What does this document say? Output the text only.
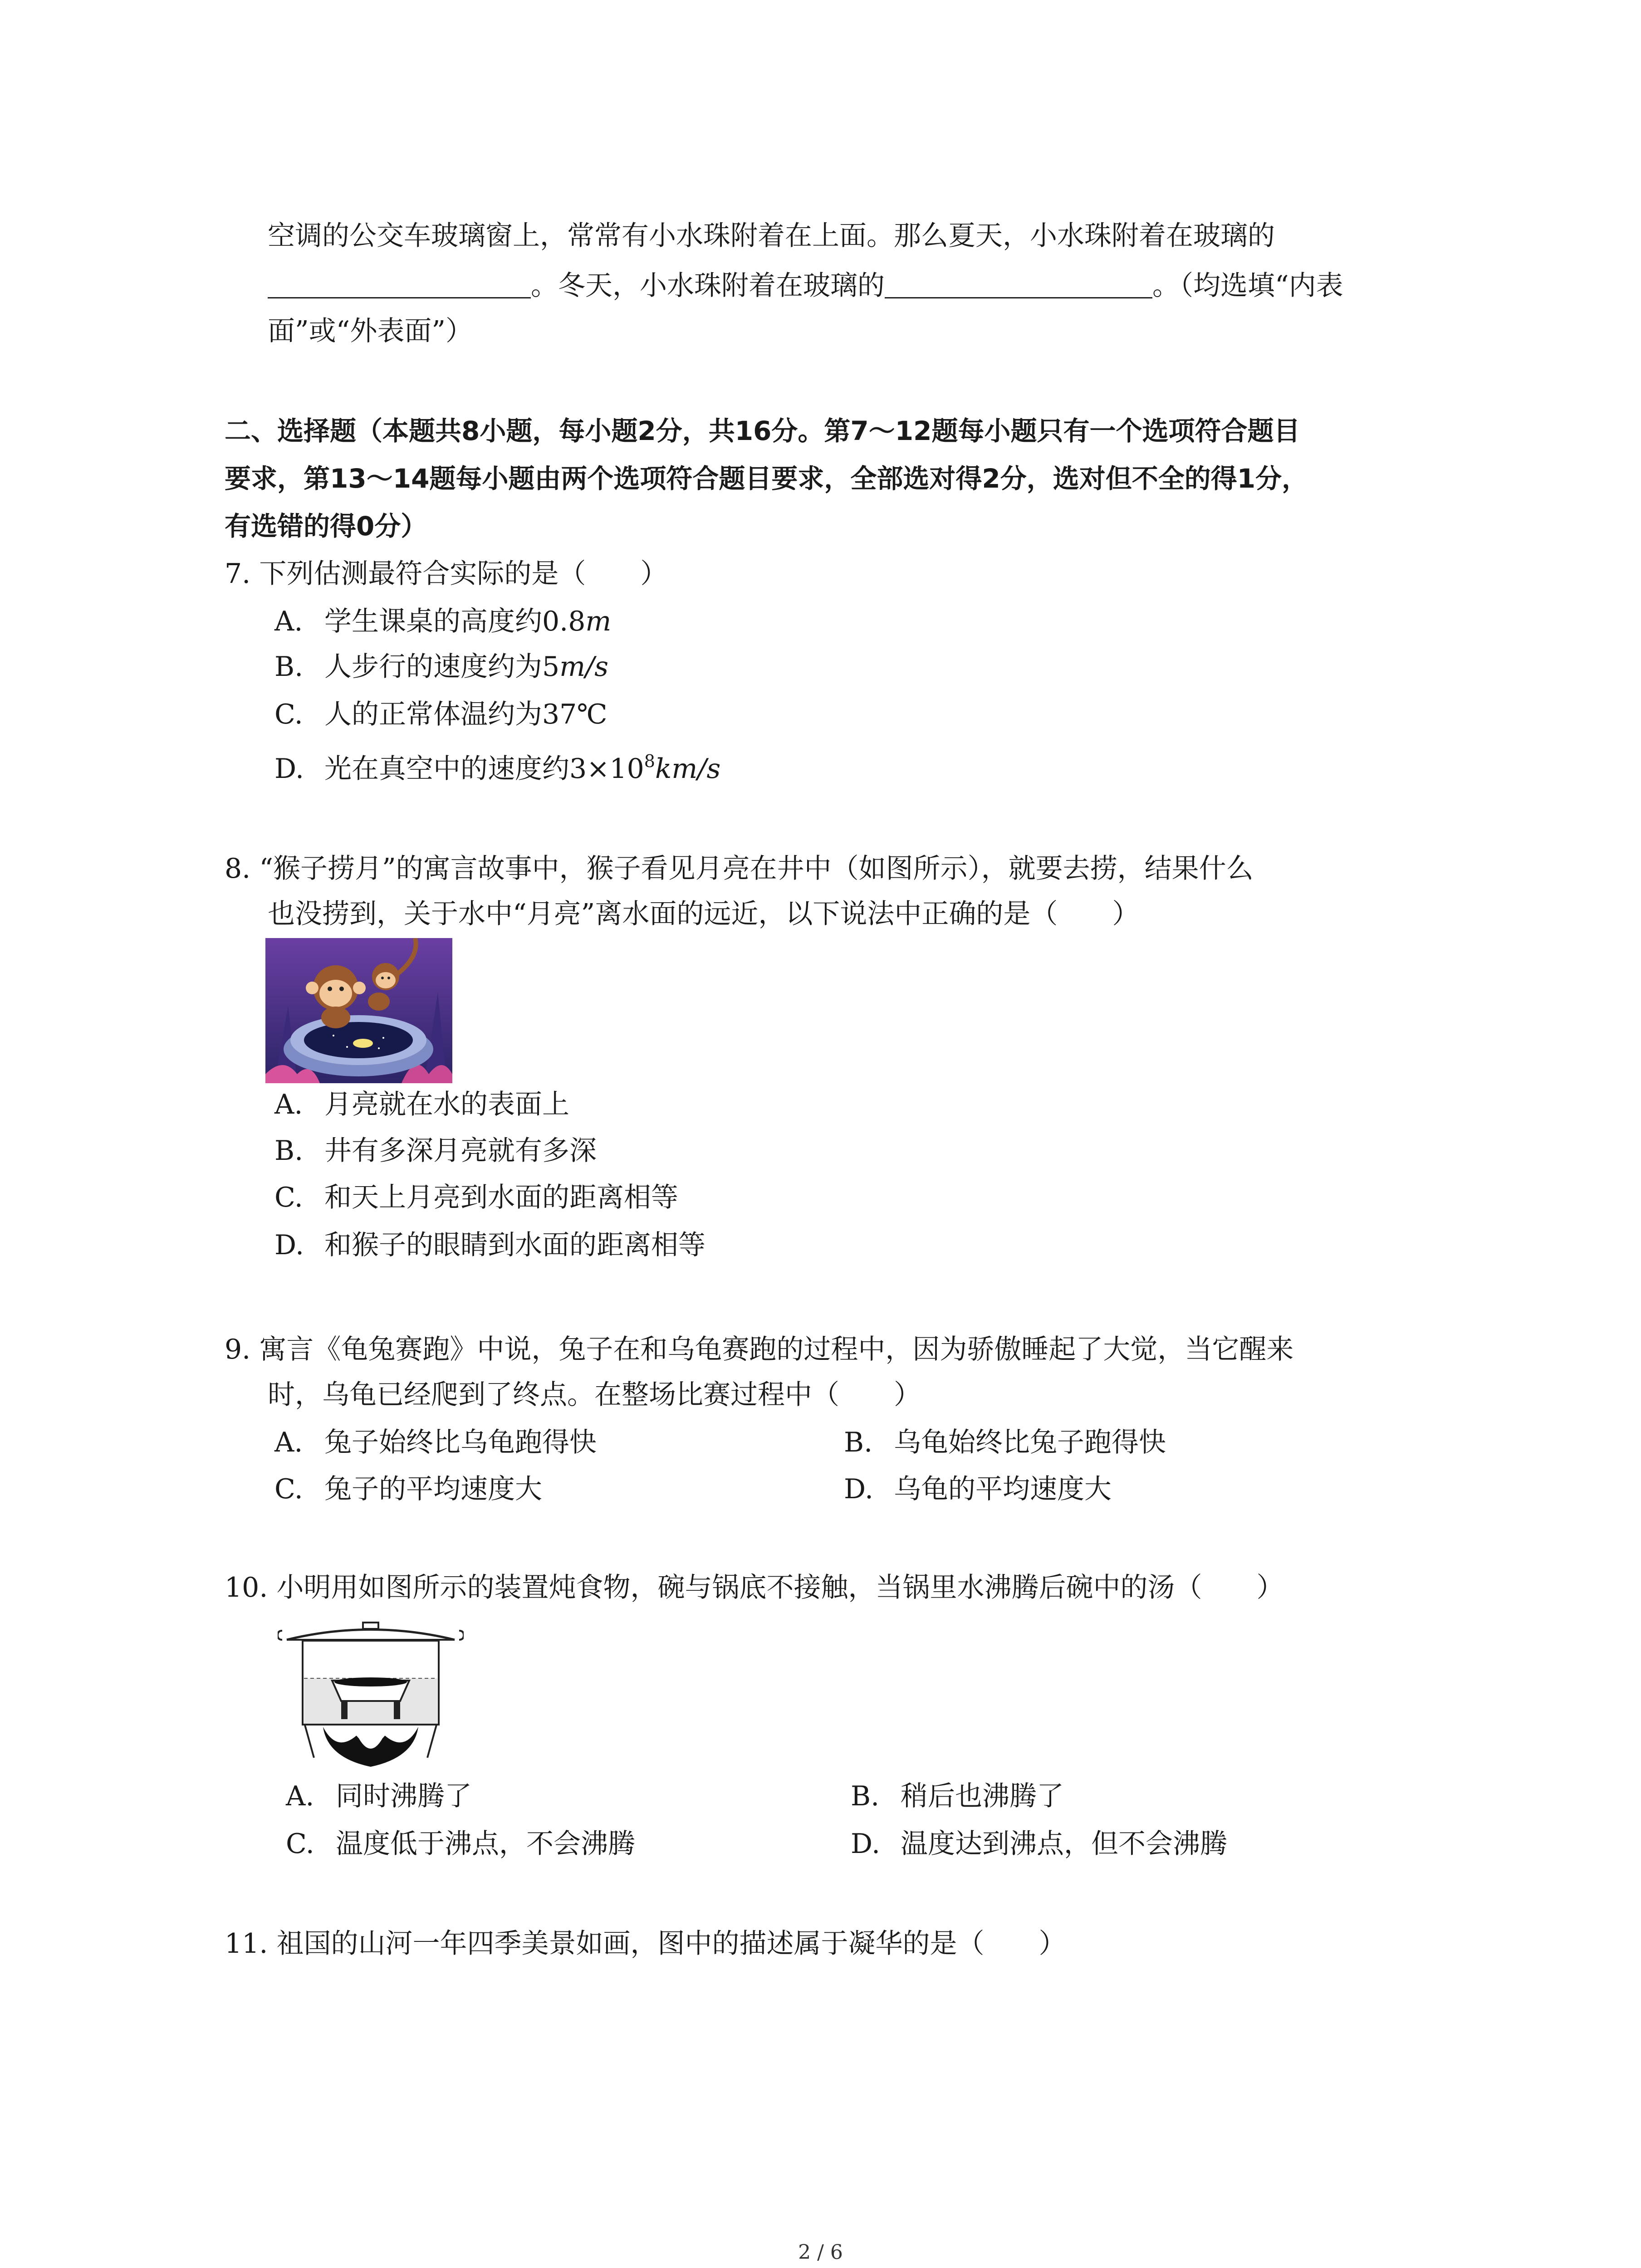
空调的公交车玻璃窗上，常常有小水珠附着在上面。那么夏天，小水珠附着在玻璃的
。冬天，小水珠附着在玻璃的	。（均选填“内表
面”或“外表面”）
二、选择题（本题共8小题，每小题2分，共16分。第7～12题每小题只有一个选项符合题目
要求，第13～14题每小题由两个选项符合题目要求，全部选对得2分，选对但不全的得1分，
有选错的得0分）
7. 下列估测最符合实际的是（　　）
A. 学生课桌的高度约0.8m
B. 人步行的速度约为5m/s
C. 人的正常体温约为37℃
D. 光在真空中的速度约$3\times 10^8km/s$
8. “猴子捞月”的寓言故事中，猴子看见月亮在井中（如图所示），就要去捞，结果什么
也没捞到，关于水中“月亮”离水面的远近，以下说法中正确的是（　　）
A. 月亮就在水的表面上
B. 井有多深月亮就有多深
C. 和天上月亮到水面的距离相等
D. 和猴子的眼睛到水面的距离相等
9. 寓言《龟兔赛跑》中说，兔子在和乌龟赛跑的过程中，因为骄傲睡起了大觉，当它醒来
时，乌龟已经爬到了终点。在整场比赛过程中（　　）
A. 兔子始终比乌龟跑得快	B. 乌龟始终比兔子跑得快
C. 兔子的平均速度大	D. 乌龟的平均速度大
10. 小明用如图所示的装置炖食物，碗与锅底不接触，当锅里水沸腾后碗中的汤（　　）
A. 同时沸腾了	B. 稍后也沸腾了
C. 温度低于沸点，不会沸腾	D. 温度达到沸点，但不会沸腾
11. 祖国的山河一年四季美景如画，图中的描述属于凝华的是（　　）
2 / 6
